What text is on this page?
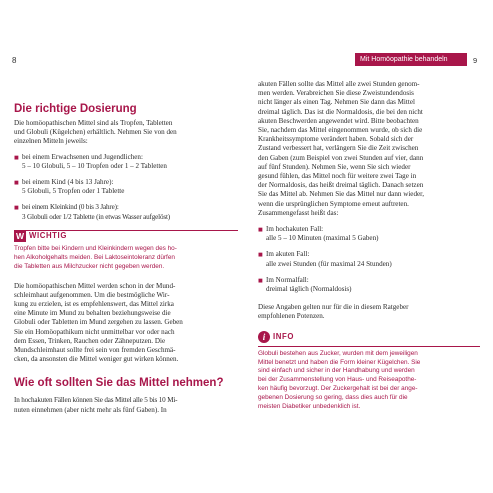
8	Mit Homöopathie behandeln	9
Die richtige Dosierung
Die homöopathischen Mittel sind als Tropfen, Tabletten
und Globuli (Kügelchen) erhältlich. Nehmen Sie von den
einzelnen Mitteln jeweils:
■ bei einem Erwachsenen und Jugendlichen:
5 – 10 Globuli, 5 – 10 Tropfen oder 1 – 2 Tabletten
■ bei einem Kind (4 bis 13 Jahre):
5 Globuli, 5 Tropfen oder 1 Tablette
■ bei einem Kleinkind (0 bis 3 Jahre):
3 Globuli oder 1/2 Tablette (in etwas Wasser aufgelöst)
W WICHTIG
Tropfen bitte bei Kindern und Kleinkindern wegen des ho-
hen Alkoholgehalts meiden. Bei Laktoseintoleranz dürfen
die Tabletten aus Milchzucker nicht gegeben werden.
Die homöopathischen Mittel werden schon in der Mund-
schleimhaut aufgenommen. Um die bestmögliche Wir-
kung zu erzielen, ist es empfehlenswert, das Mittel zirka
eine Minute im Mund zu behalten beziehungsweise die
Globuli oder Tabletten im Mund zergehen zu lassen. Geben
Sie ein Homöopathikum nicht unmittelbar vor oder nach
dem Essen, Trinken, Rauchen oder Zähneputzen. Die
Mundschleimhaut sollte frei sein von fremden Geschmä-
cken, da ansonsten die Mittel weniger gut wirken können.
Wie oft sollten Sie das Mittel nehmen?
In hochakuten Fällen können Sie das Mittel alle 5 bis 10 Mi-
nuten einnehmen (aber nicht mehr als fünf Gaben). In
akuten Fällen sollte das Mittel alle zwei Stunden genom-
men werden. Verabreichen Sie diese Zweistundendosis
nicht länger als einen Tag. Nehmen Sie dann das Mittel
dreimal täglich. Das ist die Normaldosis, die bei den nicht
akuten Beschwerden angewendet wird. Bitte beobachten
Sie, nachdem das Mittel eingenommen wurde, ob sich die
Krankheitssymptome verändert haben. Sobald sich der
Zustand verbessert hat, verlängern Sie die Zeit zwischen
den Gaben (zum Beispiel von zwei Stunden auf vier, dann
auf fünf Stunden). Nehmen Sie, wenn Sie sich wieder
gesund fühlen, das Mittel noch für weitere zwei Tage in
der Normaldosis, das heißt dreimal täglich. Danach setzen
Sie das Mittel ab. Nehmen Sie das Mittel nur dann wieder,
wenn die ursprünglichen Symptome erneut auftreten.
Zusammengefasst heißt das:
■ Im hochakuten Fall:
alle 5 – 10 Minuten (maximal 5 Gaben)
■ Im akuten Fall:
alle zwei Stunden (für maximal 24 Stunden)
■ Im Normalfall:
dreimal täglich (Normaldosis)
Diese Angaben gelten nur für die in diesem Ratgeber
empfohlenen Potenzen.
i INFO
Globuli bestehen aus Zucker, wurden mit dem jeweiligen
Mittel benetzt und haben die Form kleiner Kügelchen. Sie
sind einfach und sicher in der Handhabung und werden
bei der Zusammenstellung von Haus- und Reiseapothe-
ken häufig bevorzugt. Der Zuckergehalt ist bei der ange-
gebenen Dosierung so gering, dass dies auch für die
meisten Diabetiker unbedenklich ist.
